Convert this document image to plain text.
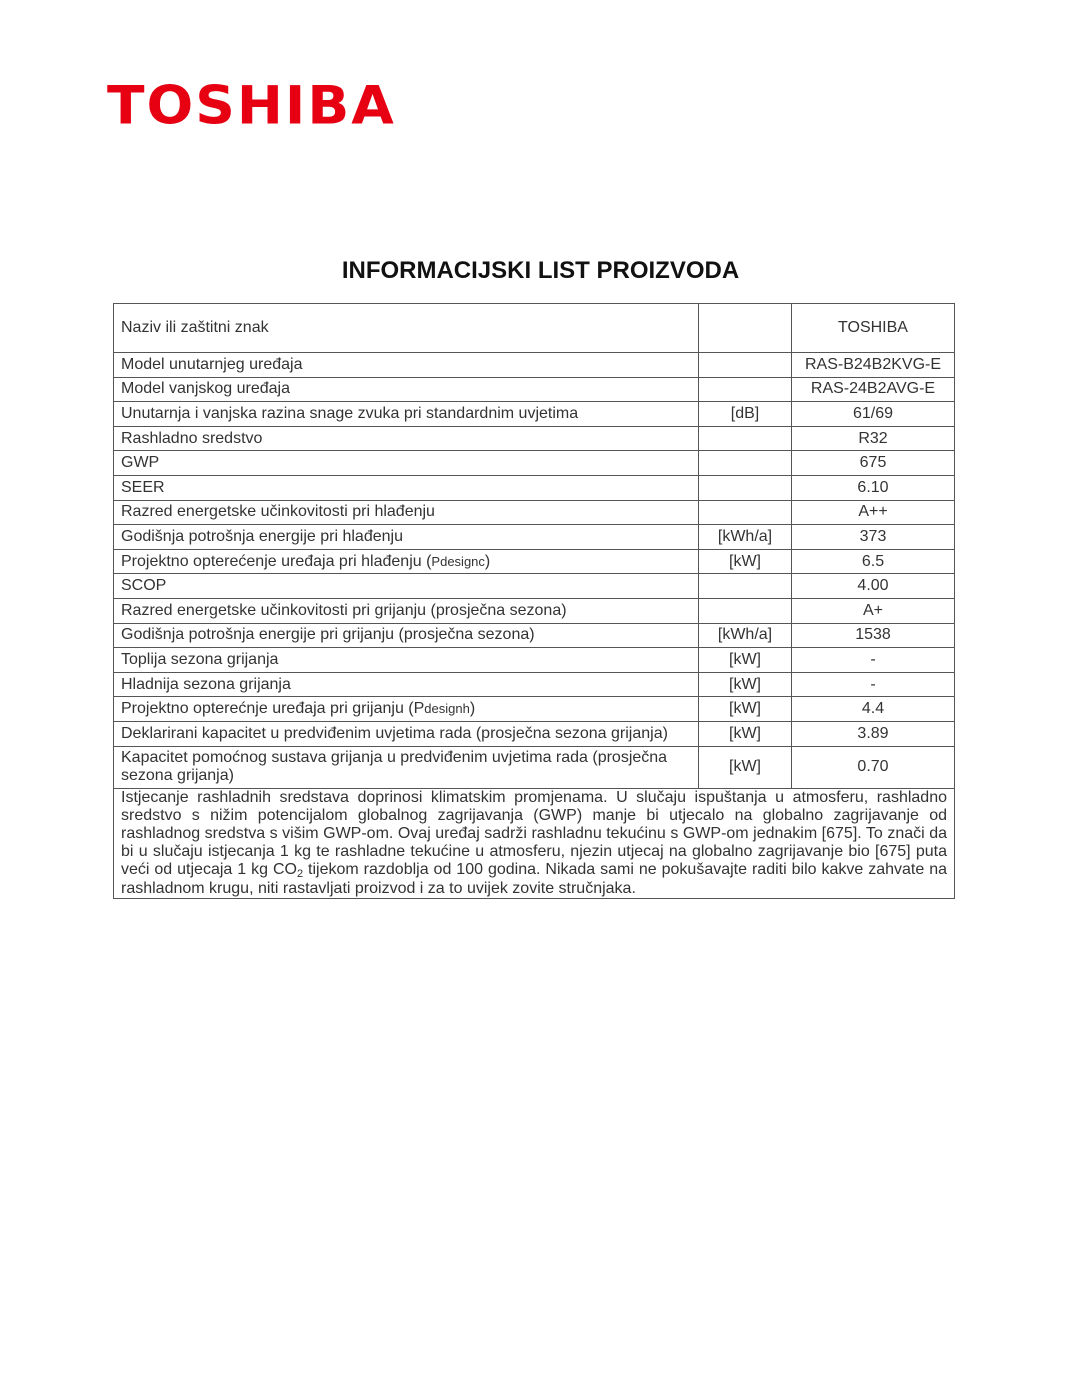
TOSHIBA
INFORMACIJSKI LIST PROIZVODA
Naziv ili zaštitni znak		TOSHIBA
Model unutarnjeg uređaja		RAS-B24B2KVG-E
Model vanjskog uređaja		RAS-24B2AVG-E
Unutarnja i vanjska razina snage zvuka pri standardnim uvjetima	[dB]	61/69
Rashladno sredstvo		R32
GWP		675
SEER		6.10
Razred energetske učinkovitosti pri hlađenju		A++
Godišnja potrošnja energije pri hlađenju	[kWh/a]	373
Projektno opterećenje uređaja pri hlađenju (Pdesignc)	[kW]	6.5
SCOP		4.00
Razred energetske učinkovitosti pri grijanju (prosječna sezona)		A+
Godišnja potrošnja energije pri grijanju (prosječna sezona)	[kWh/a]	1538
Toplija sezona grijanja	[kW]	-
Hladnija sezona grijanja	[kW]	-
Projektno opterećnje uređaja pri grijanju (Pdesignh)	[kW]	4.4
Deklarirani kapacitet u predviđenim uvjetima rada (prosječna sezona grijanja)	[kW]	3.89
Kapacitet pomoćnog sustava grijanja u predviđenim uvjetima rada (prosječna sezona grijanja)	[kW]	0.70
Istjecanje rashladnih sredstava doprinosi klimatskim promjenama. U slučaju ispuštanja u atmosferu, rashladno sredstvo s nižim potencijalom globalnog zagrijavanja (GWP) manje bi utjecalo na globalno zagrijavanje od rashladnog sredstva s višim GWP-om. Ovaj uređaj sadrži rashladnu tekućinu s GWP-om jednakim [675]. To znači da bi u slučaju istjecanja 1 kg te rashladne tekućine u atmosferu, njezin utjecaj na globalno zagrijavanje bio [675] puta veći od utjecaja 1 kg $CO_2$ tijekom razdoblja od 100 godina. Nikada sami ne pokušavajte raditi bilo kakve zahvate na rashladnom krugu, niti rastavljati proizvod i za to uvijek zovite stručnjaka.		
